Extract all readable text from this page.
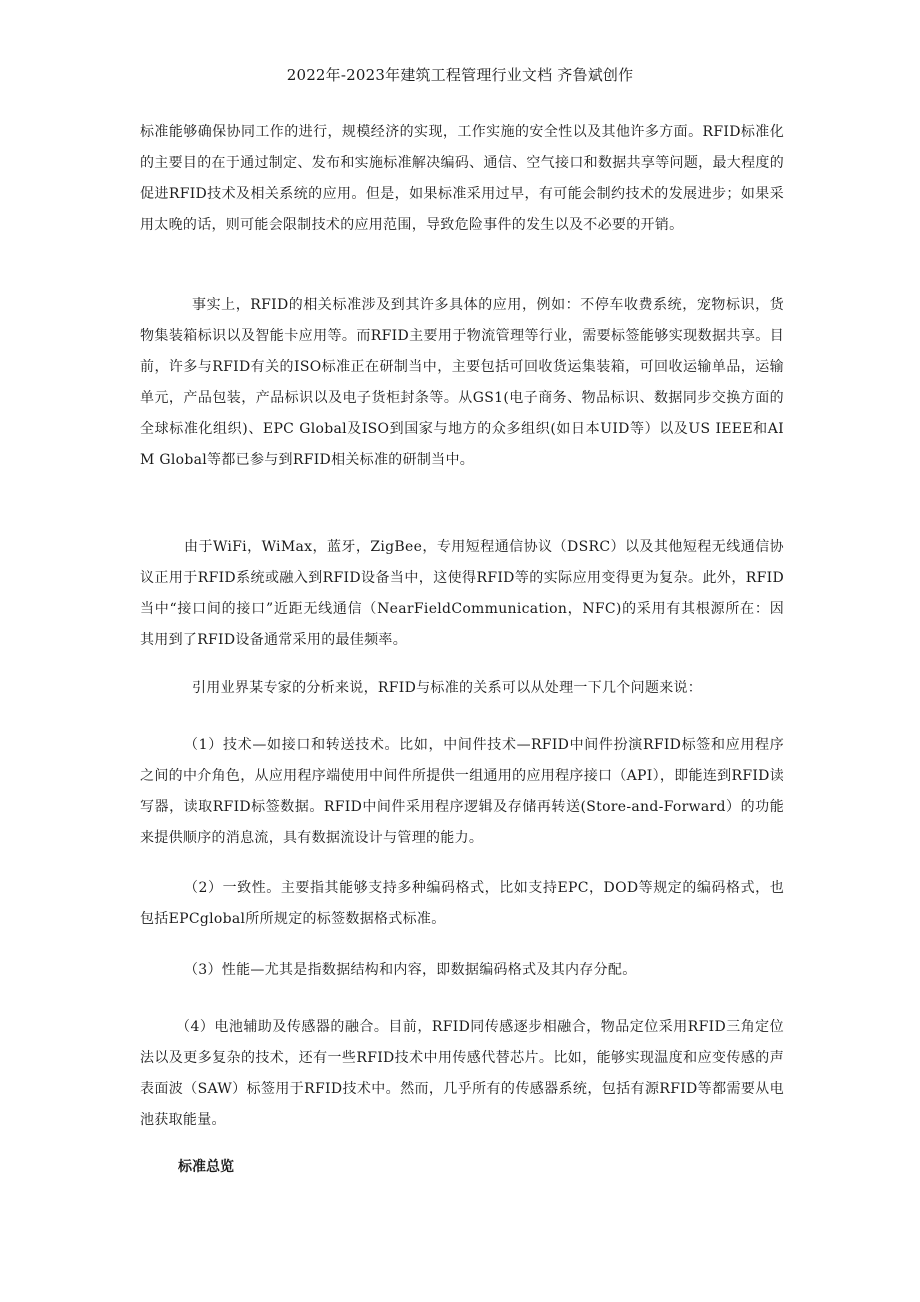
2022年-2023年建筑工程管理行业文档 齐鲁斌创作
标准能够确保协同工作的进行，规模经济的实现，工作实施的安全性以及其他许多方面。RFID标准化的主要目的在于通过制定、发布和实施标准解决编码、通信、空气接口和数据共享等问题，最大程度的促进RFID技术及相关系统的应用。但是，如果标准采用过早，有可能会制约技术的发展进步；如果采用太晚的话，则可能会限制技术的应用范围，导致危险事件的发生以及不必要的开销。
事实上，RFID的相关标准涉及到其许多具体的应用，例如：不停车收费系统，宠物标识，货物集装箱标识以及智能卡应用等。而RFID主要用于物流管理等行业，需要标签能够实现数据共享。目前，许多与RFID有关的ISO标准正在研制当中，主要包括可回收货运集装箱，可回收运输单品，运输单元，产品包装，产品标识以及电子货柜封条等。从GS1(电子商务、物品标识、数据同步交换方面的全球标准化组织)、EPC Global及ISO到国家与地方的众多组织(如日本UID等）以及US IEEE和AIM Global等都已参与到RFID相关标准的研制当中。
由于WiFi，WiMax，蓝牙，ZigBee，专用短程通信协议（DSRC）以及其他短程无线通信协议正用于RFID系统或融入到RFID设备当中，这使得RFID等的实际应用变得更为复杂。此外，RFID当中“接口间的接口”近距无线通信（NearFieldCommunication，NFC)的采用有其根源所在：因其用到了RFID设备通常采用的最佳频率。
引用业界某专家的分析来说，RFID与标准的关系可以从处理一下几个问题来说：
（1）技术—如接口和转送技术。比如，中间件技术—RFID中间件扮演RFID标签和应用程序之间的中介角色，从应用程序端使用中间件所提供一组通用的应用程序接口（API），即能连到RFID读写器，读取RFID标签数据。RFID中间件采用程序逻辑及存储再转送(Store-and-Forward）的功能来提供顺序的消息流，具有数据流设计与管理的能力。
（2）一致性。主要指其能够支持多种编码格式，比如支持EPC，DOD等规定的编码格式，也包括EPCglobal所所规定的标签数据格式标准。
（3）性能—尤其是指数据结构和内容，即数据编码格式及其内存分配。
（4）电池辅助及传感器的融合。目前，RFID同传感逐步相融合，物品定位采用RFID三角定位法以及更多复杂的技术，还有一些RFID技术中用传感代替芯片。比如，能够实现温度和应变传感的声表面波（SAW）标签用于RFID技术中。然而，几乎所有的传感器系统，包括有源RFID等都需要从电池获取能量。
标准总览
